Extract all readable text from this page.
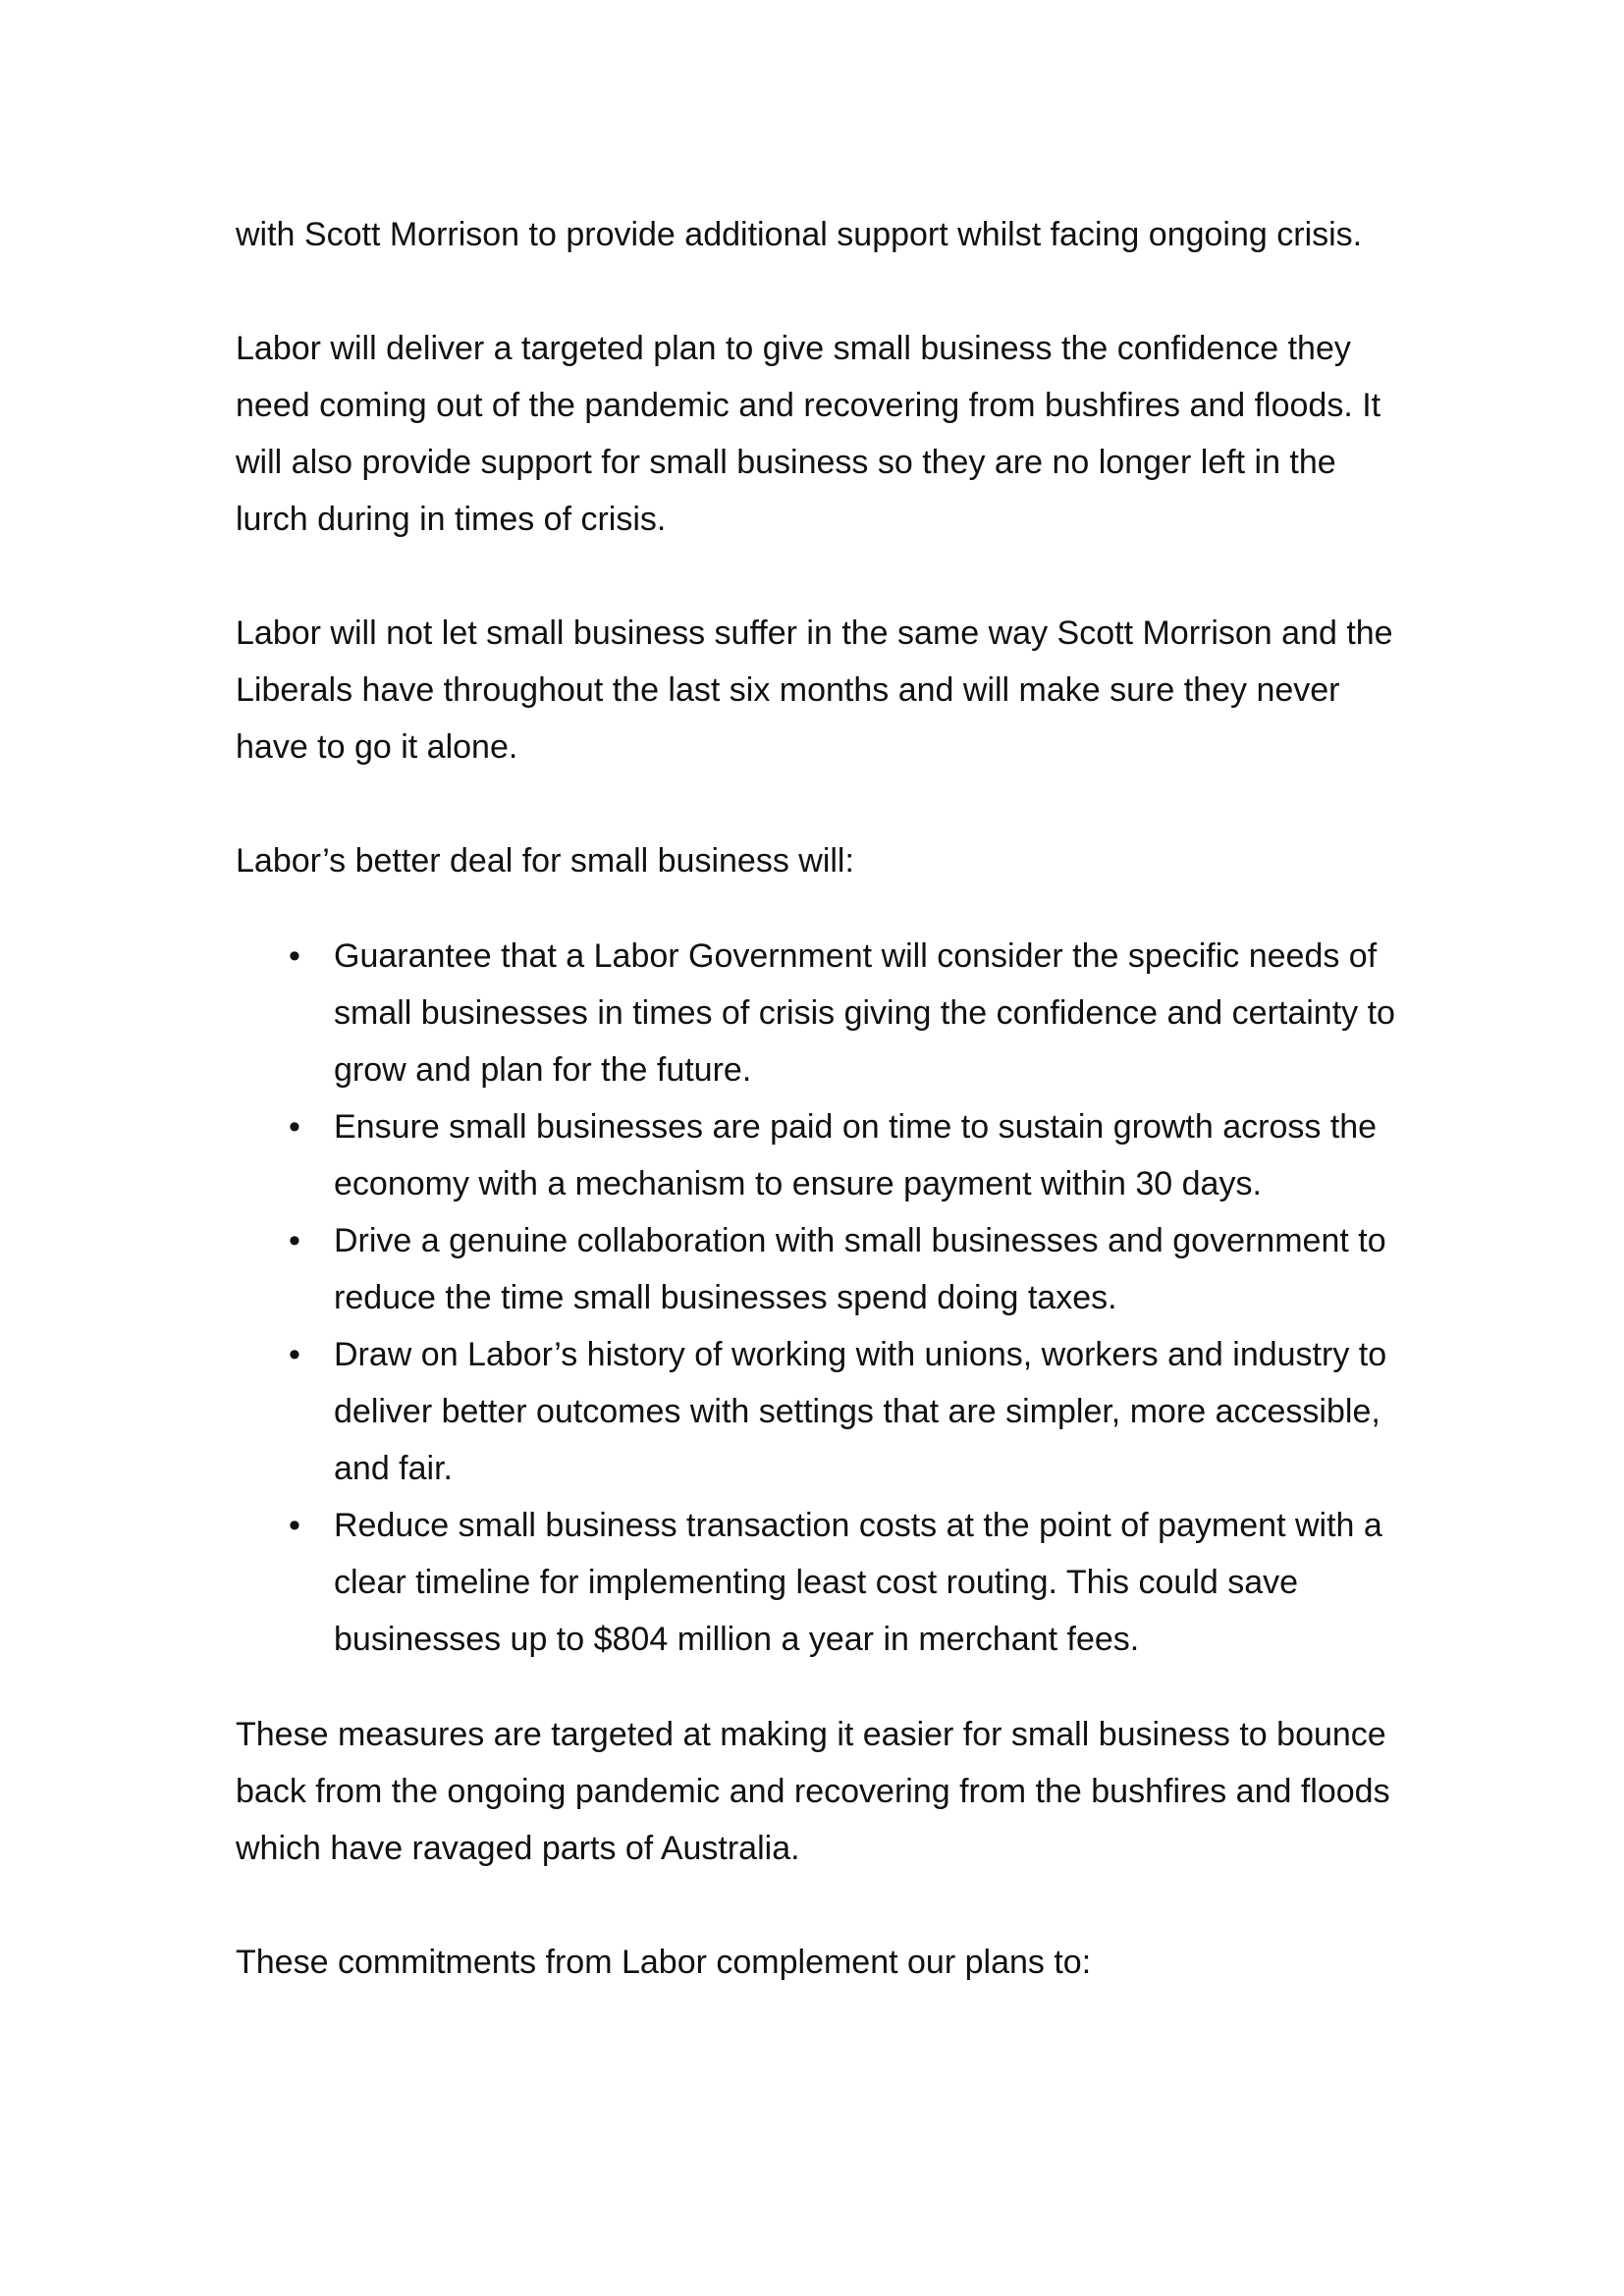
with Scott Morrison to provide additional support whilst facing ongoing crisis.

Labor will deliver a targeted plan to give small business the confidence they need coming out of the pandemic and recovering from bushfires and floods. It will also provide support for small business so they are no longer left in the lurch during in times of crisis.

Labor will not let small business suffer in the same way Scott Morrison and the Liberals have throughout the last six months and will make sure they never have to go it alone.

Labor’s better deal for small business will:

• Guarantee that a Labor Government will consider the specific needs of small businesses in times of crisis giving the confidence and certainty to grow and plan for the future.
• Ensure small businesses are paid on time to sustain growth across the economy with a mechanism to ensure payment within 30 days.
• Drive a genuine collaboration with small businesses and government to reduce the time small businesses spend doing taxes.
• Draw on Labor’s history of working with unions, workers and industry to deliver better outcomes with settings that are simpler, more accessible, and fair.
• Reduce small business transaction costs at the point of payment with a clear timeline for implementing least cost routing. This could save businesses up to $804 million a year in merchant fees.

These measures are targeted at making it easier for small business to bounce back from the ongoing pandemic and recovering from the bushfires and floods which have ravaged parts of Australia.

These commitments from Labor complement our plans to:
